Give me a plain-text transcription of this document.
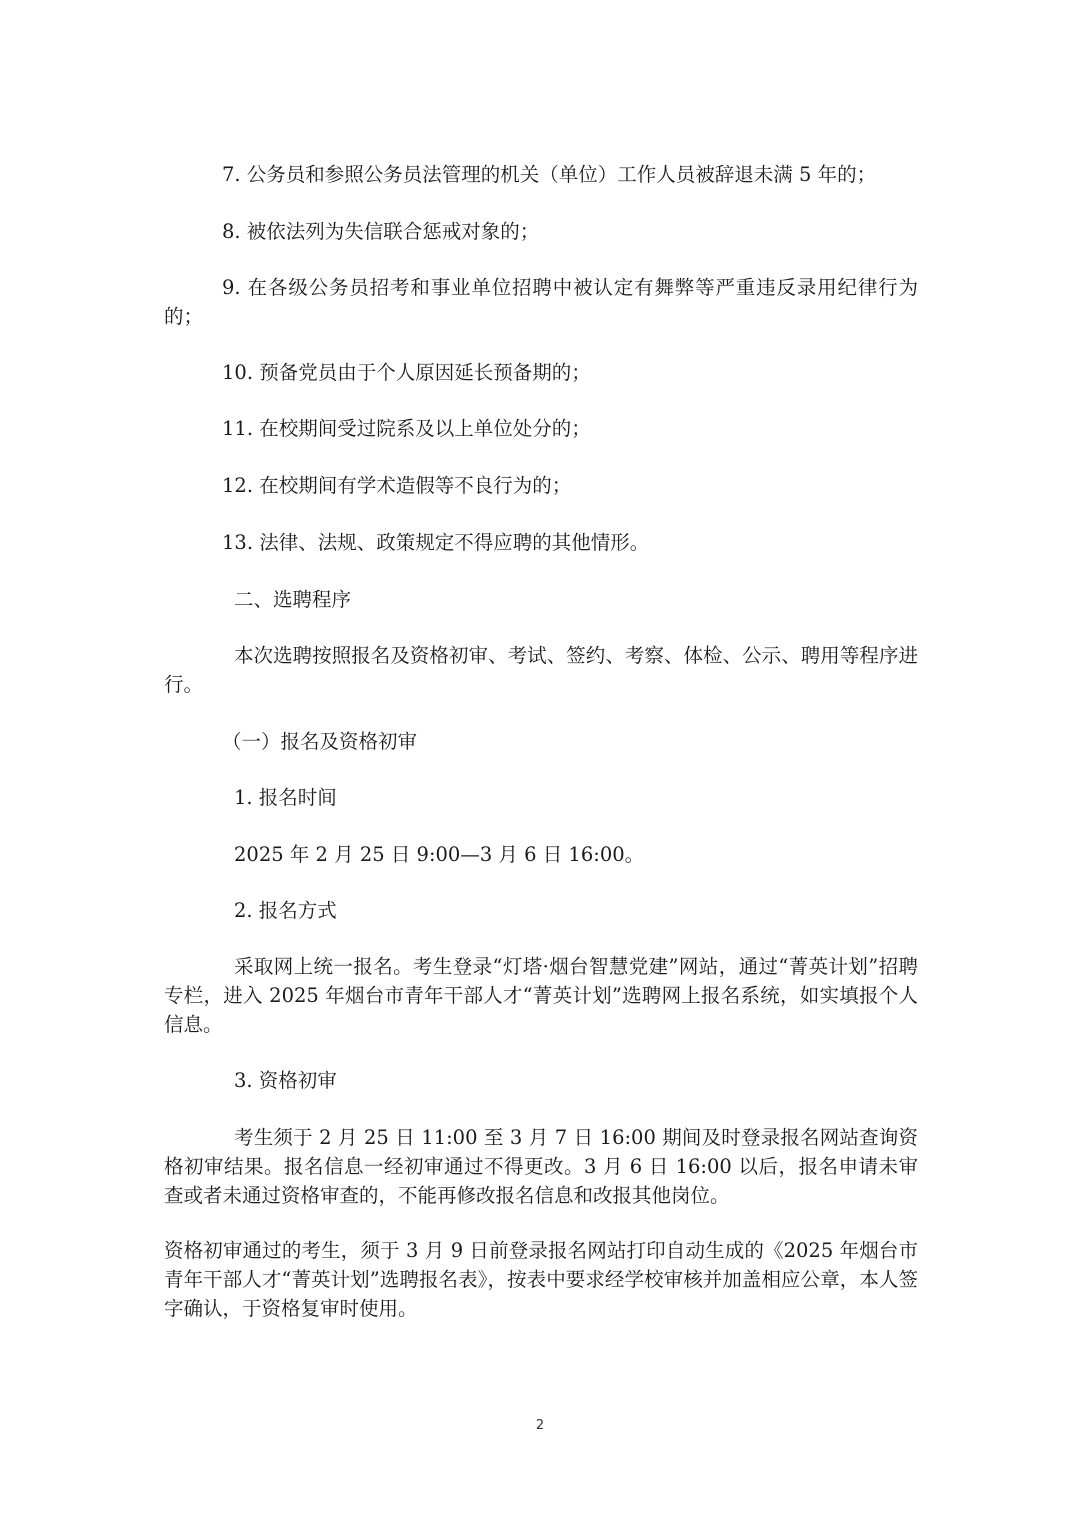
7. 公务员和参照公务员法管理的机关（单位）工作人员被辞退未满 5 年的；

8. 被依法列为失信联合惩戒对象的；

9. 在各级公务员招考和事业单位招聘中被认定有舞弊等严重违反录用纪律行为的；

10. 预备党员由于个人原因延长预备期的；

11. 在校期间受过院系及以上单位处分的；

12. 在校期间有学术造假等不良行为的；

13. 法律、法规、政策规定不得应聘的其他情形。

二、选聘程序

本次选聘按照报名及资格初审、考试、签约、考察、体检、公示、聘用等程序进行。

（一）报名及资格初审

1. 报名时间

2025 年 2 月 25 日 9:00—3 月 6 日 16:00。

2. 报名方式

采取网上统一报名。考生登录“灯塔·烟台智慧党建”网站，通过“菁英计划”招聘专栏，进入 2025 年烟台市青年干部人才“菁英计划”选聘网上报名系统，如实填报个人信息。

3. 资格初审

考生须于 2 月 25 日 11:00 至 3 月 7 日 16:00 期间及时登录报名网站查询资格初审结果。报名信息一经初审通过不得更改。3 月 6 日 16:00 以后，报名申请未审查或者未通过资格审查的，不能再修改报名信息和改报其他岗位。

资格初审通过的考生，须于 3 月 9 日前登录报名网站打印自动生成的《2025 年烟台市青年干部人才“菁英计划”选聘报名表》，按表中要求经学校审核并加盖相应公章，本人签字确认，于资格复审时使用。

2
